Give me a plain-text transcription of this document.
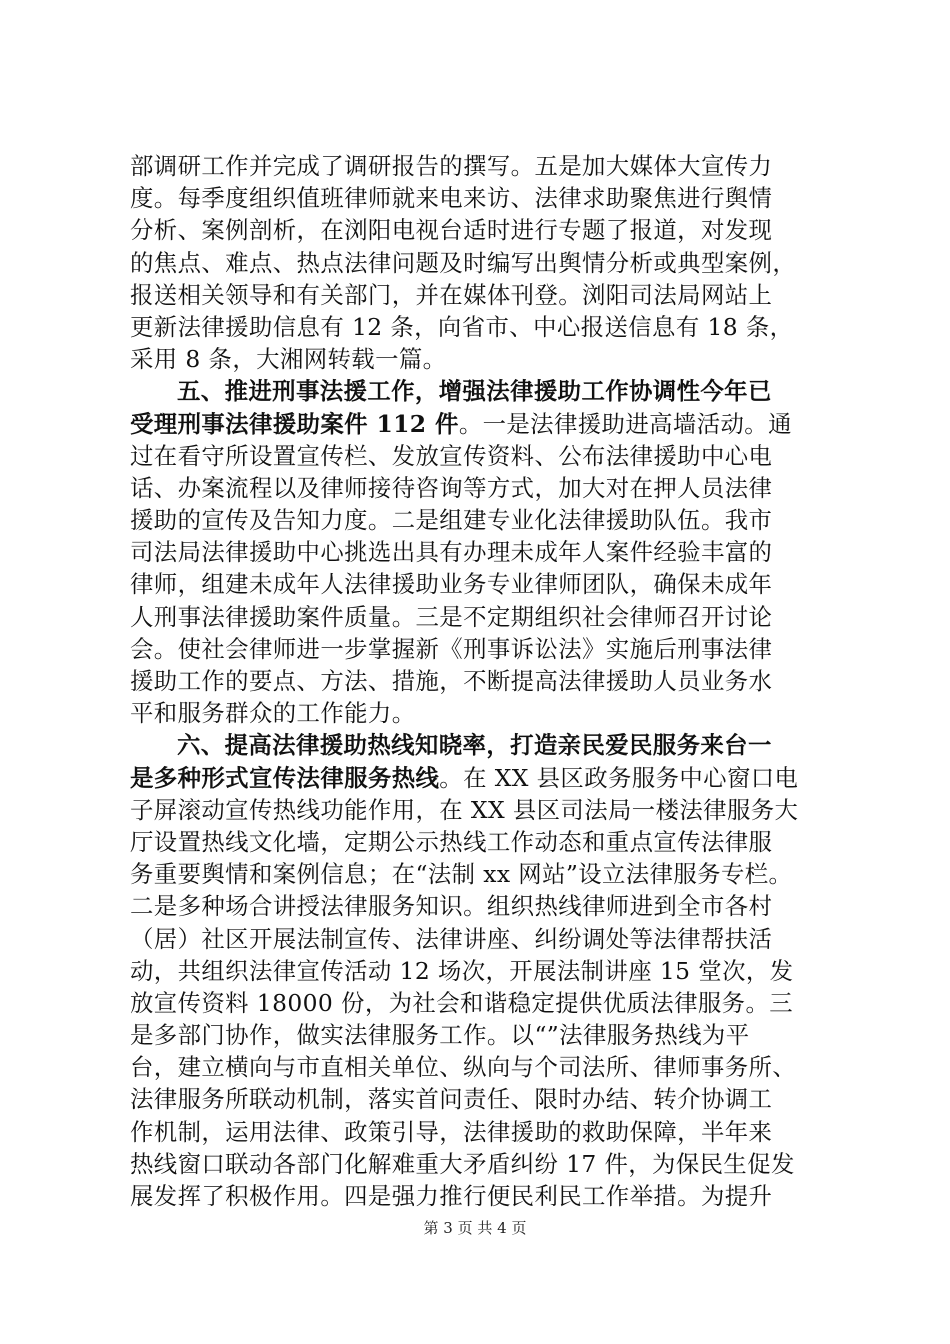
部调研工作并完成了调研报告的撰写。五是加大媒体大宣传力
度。每季度组织值班律师就来电来访、法律求助聚焦进行舆情
分析、案例剖析，在浏阳电视台适时进行专题了报道，对发现
的焦点、难点、热点法律问题及时编写出舆情分析或典型案例，
报送相关领导和有关部门，并在媒体刊登。浏阳司法局网站上
更新法律援助信息有 12 条，向省市、中心报送信息有 18 条，
采用 8 条，大湘网转载一篇。
五、推进刑事法援工作，增强法律援助工作协调性今年已
受理刑事法律援助案件 112 件。一是法律援助进高墙活动。通
过在看守所设置宣传栏、发放宣传资料、公布法律援助中心电
话、办案流程以及律师接待咨询等方式，加大对在押人员法律
援助的宣传及告知力度。二是组建专业化法律援助队伍。我市
司法局法律援助中心挑选出具有办理未成年人案件经验丰富的
律师，组建未成年人法律援助业务专业律师团队，确保未成年
人刑事法律援助案件质量。三是不定期组织社会律师召开讨论
会。使社会律师进一步掌握新《刑事诉讼法》实施后刑事法律
援助工作的要点、方法、措施，不断提高法律援助人员业务水
平和服务群众的工作能力。
六、提高法律援助热线知晓率，打造亲民爱民服务来台一
是多种形式宣传法律服务热线。在 XX 县区政务服务中心窗口电
子屏滚动宣传热线功能作用，在 XX 县区司法局一楼法律服务大
厅设置热线文化墙，定期公示热线工作动态和重点宣传法律服
务重要舆情和案例信息；在“法制 xx 网站”设立法律服务专栏。
二是多种场合讲授法律服务知识。组织热线律师进到全市各村
（居）社区开展法制宣传、法律讲座、纠纷调处等法律帮扶活
动，共组织法律宣传活动 12 场次，开展法制讲座 15 堂次，发
放宣传资料 18000 份，为社会和谐稳定提供优质法律服务。三
是多部门协作，做实法律服务工作。以“”法律服务热线为平
台，建立横向与市直相关单位、纵向与个司法所、律师事务所、
法律服务所联动机制，落实首问责任、限时办结、转介协调工
作机制，运用法律、政策引导，法律援助的救助保障，半年来
热线窗口联动各部门化解难重大矛盾纠纷 17 件，为保民生促发
展发挥了积极作用。四是强力推行便民利民工作举措。为提升
第 3 页 共 4 页
